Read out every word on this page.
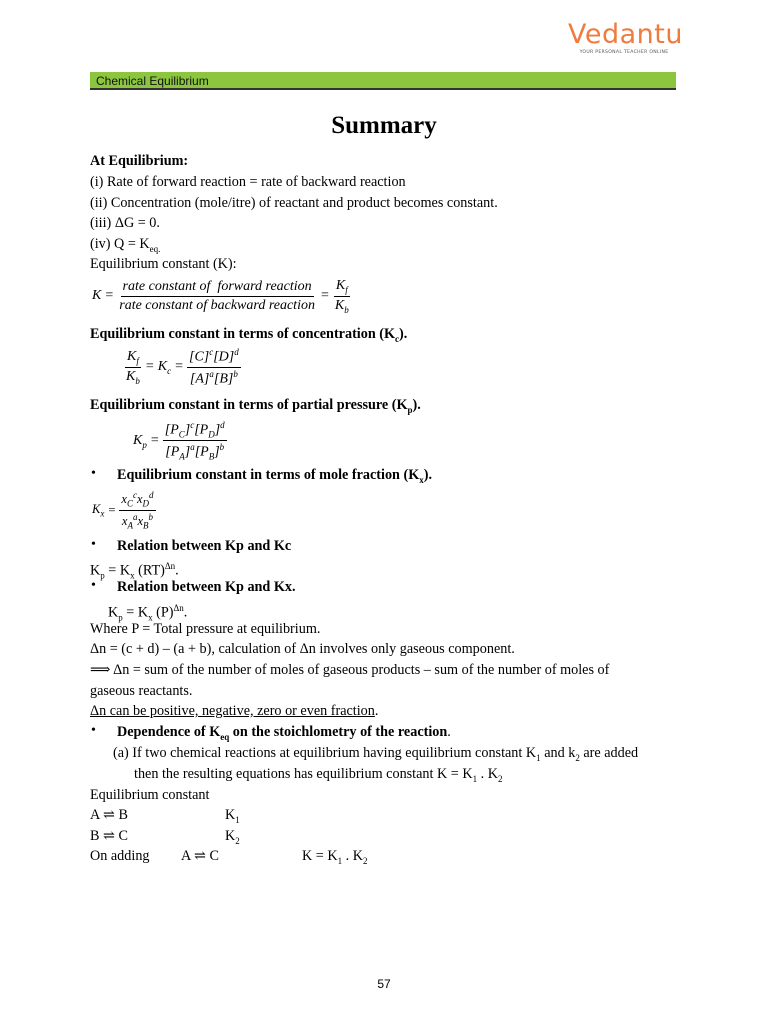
Vedantu
YOUR PERSONAL TEACHER ONLINE
Chemical Equilibrium
Summary
At Equilibrium:
(i) Rate of forward reaction = rate of backward reaction
(ii) Concentration (mole/itre) of reactant and product becomes constant.
(iii) ΔG = 0.
(iv) $Q = K_{eq.}$
Equilibrium constant (K):
$K = \frac{\text{rate constant of  forward reaction}}{\text{rate constant of backward reaction}} = \frac{K_f}{K_b}$
Equilibrium constant in terms of concentration $(K_c)$.
$\frac{K_f}{K_b} = K_c = \frac{[C]^c[D]^d}{[A]^a[B]^b}$
Equilibrium constant in terms of partial pressure $(K_p)$.
$K_p = \frac{[P_C]^c[P_D]^d}{[P_A]^a[P_B]^b}$
• Equilibrium constant in terms of mole fraction $(K_x)$.
$K_x = \frac{x_C^cx_D^d}{x_A^ax_B^b}$
• Relation between Kp and Kc
$K_p = K_x$ (RT)$^{\Delta n}$.
• Relation between Kp and Kx.
$K_p = K_x$ $(P)^{\Delta n}$.
Where P = Total pressure at equilibrium.
Δn = (c + d) – (a + b), calculation of Δn involves only gaseous component.
⟹ Δn = sum of the number of moles of gaseous products – sum of the number of moles of
gaseous reactants.
Δn can be positive, negative, zero or even fraction.
• Dependence of $K_{eq}$ on the stoichlometry of the reaction.
(a) If two chemical reactions at equilibrium having equilibrium constant $K_1$ and $k_2$ are added
then the resulting equations has equilibrium constant $K = K_1$ . $K_2$
Equilibrium constant
A ⇌ B	$K_1$
B ⇌ C	$K_2$
On adding A ⇌ C	$K = K_1$ . $K_2$
57
